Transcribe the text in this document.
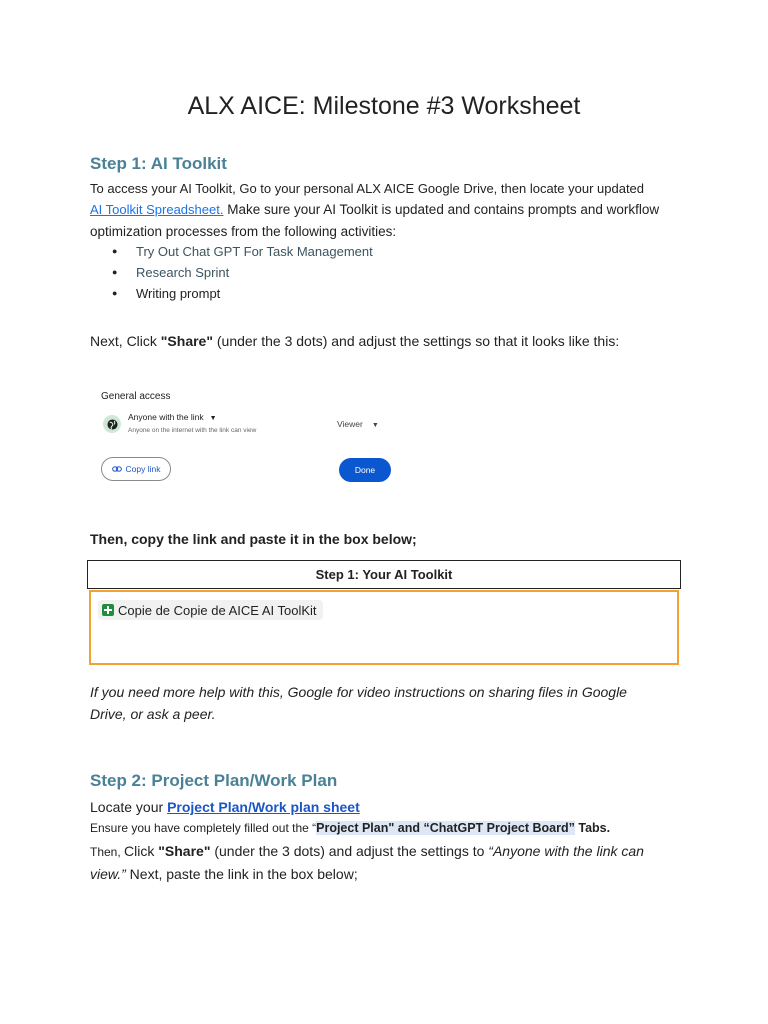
ALX AICE: Milestone #3 Worksheet
Step 1: AI Toolkit
To access your AI Toolkit, Go to your personal ALX AICE Google Drive, then locate your updated
AI Toolkit Spreadsheet. Make sure your AI Toolkit is updated and contains prompts and workflow optimization processes from the following activities:
● Try Out Chat GPT For Task Management
● Research Sprint
● Writing prompt
Next, Click "Share" (under the 3 dots) and adjust the settings so that it looks like this:
General access
Anyone with the link ▼
Anyone on the internet with the link can view
Viewer ▼
Copy link	Done
Then, copy the link and paste it in the box below;
Step 1: Your AI Toolkit
Copie de Copie de AICE AI ToolKit
If you need more help with this, Google for video instructions on sharing files in Google Drive, or ask a peer.
Step 2: Project Plan/Work Plan
Locate your Project Plan/Work plan sheet
Ensure you have completely filled out the “Project Plan" and “ChatGPT Project Board” Tabs.
Then, Click "Share" (under the 3 dots) and adjust the settings to “Anyone with the link can view.” Next, paste the link in the box below;
